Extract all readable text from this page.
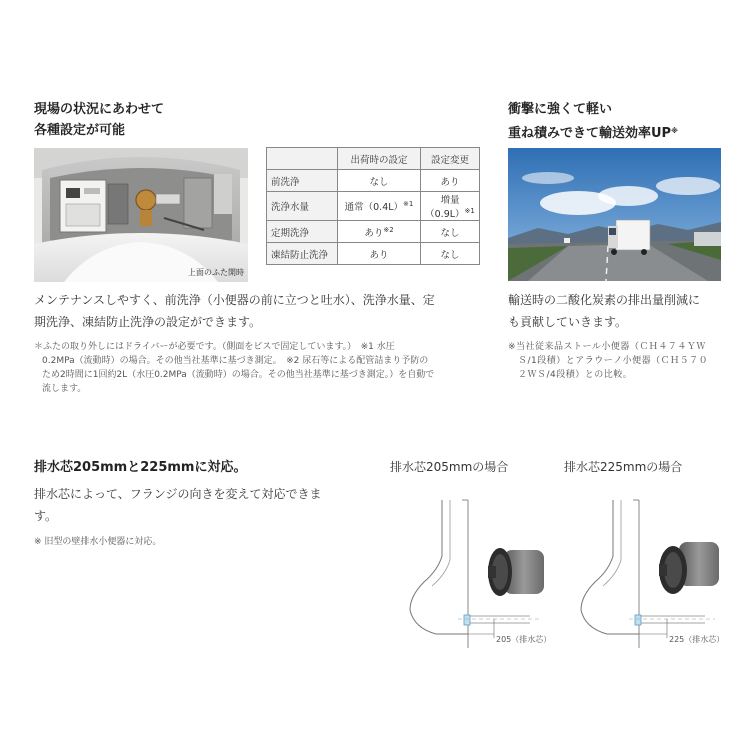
現場の状況にあわせて
各種設定が可能
上面のふた開時
	出荷時の設定	設定変更
前洗浄	なし	あり
洗浄水量	通常$(0.4L)^{※1}$	増量$(0.9L)^{※1}$
定期洗浄	あり$^{※2}$	なし
凍結防止洗浄	あり	なし
メンテナンスしやすく、前洗浄（小便器の前に立つと吐水）、洗浄水量、定
期洗浄、凍結防止洗浄の設定ができます。
＊ふたの取り外しにはドライバーが必要です。（側面をビスで固定しています。）　※1 水圧
0.2MPa（流動時）の場合。その他当社基準に基づき測定。　※2 尿石等による配管詰まり予防の
ため2時間に1回約2L（水圧0.2MPa（流動時）の場合。その他当社基準に基づき測定。）を自動で
流します。
衝撃に強くて軽い
重ね積みできて輸送効率UP※
輸送時の二酸化炭素の排出量削減に
も貢献していきます。
※当社従来品ストール小便器（ＣＨ４７４ＹＷ
Ｓ/1段積）とアラウーノ小便器（ＣＨ５７０
２ＷＳ/4段積）との比較。
排水芯205mmと225mmに対応。
排水芯によって、フランジの向きを変えて対応できま
す。
※ 旧型の壁排水小便器に対応。
排水芯205mmの場合
205（排水芯）
排水芯225mmの場合
225（排水芯）
